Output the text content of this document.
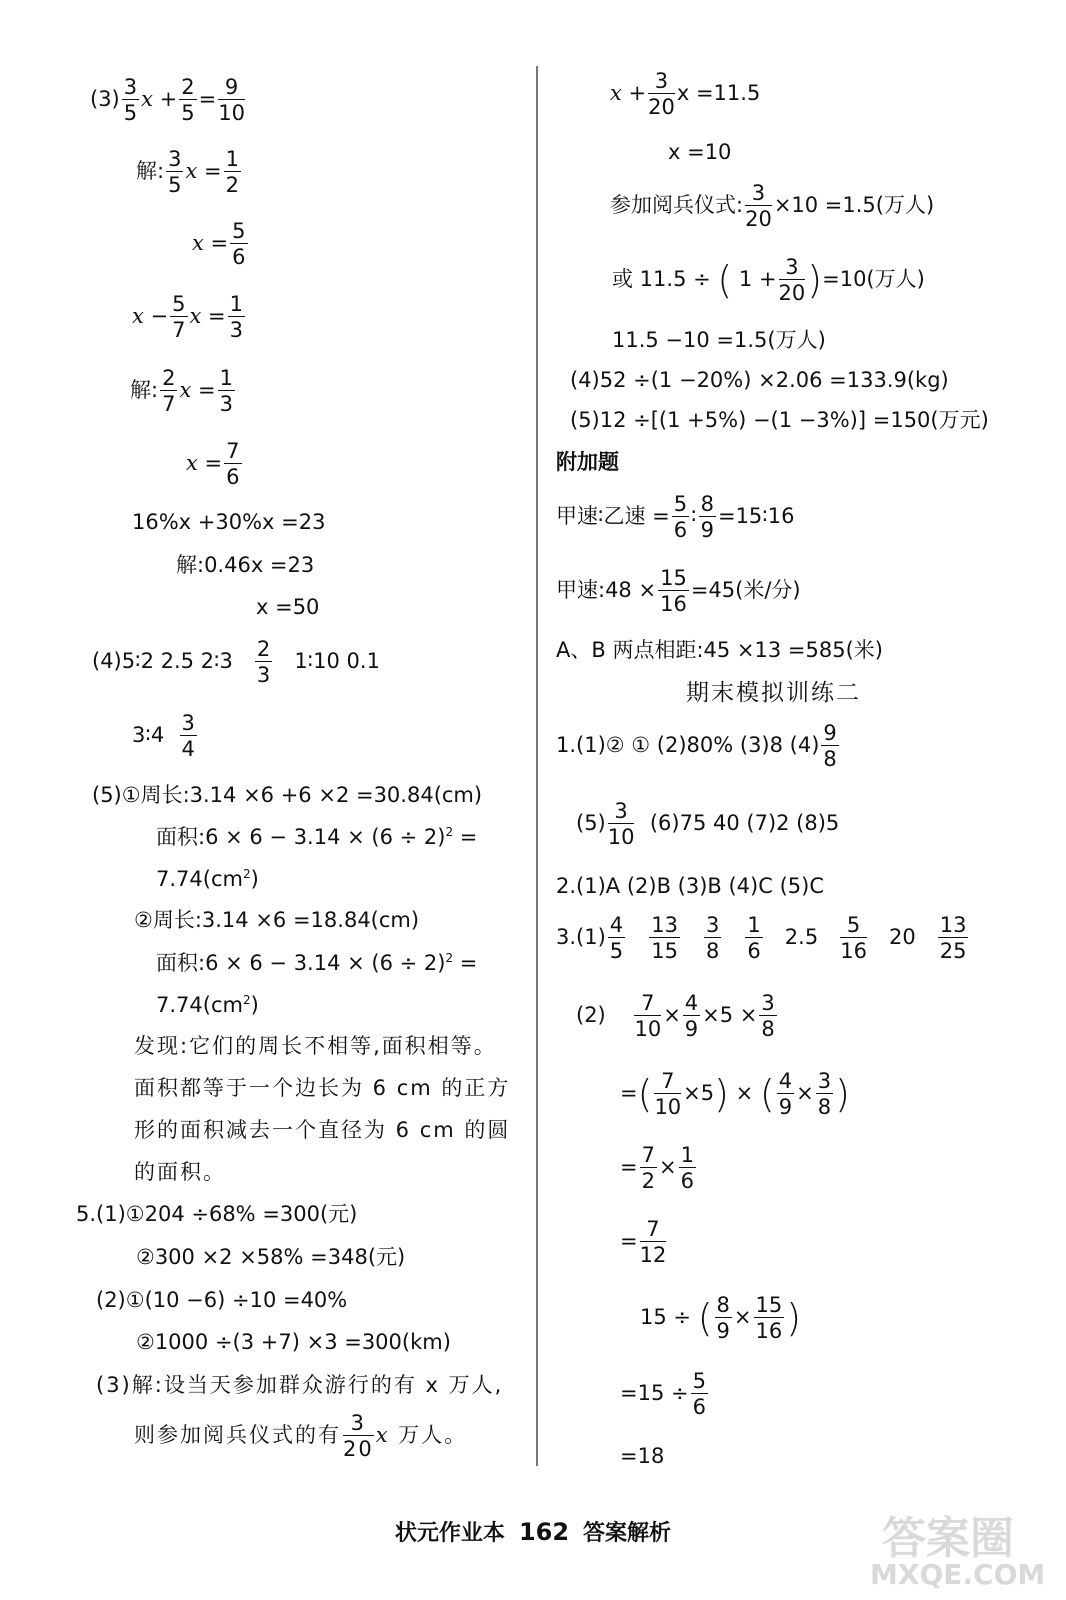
$(3) \frac{3}{5}$ $x + \frac{2}{5} = \frac{9}{10}$
解: $\frac{3}{5}$ $x = \frac{1}{2}$
$x = \frac{5}{6}$
$x - \frac{5}{7}$ $x = \frac{1}{3}$
解: $\frac{2}{7}$ $x = \frac{1}{3}$
$x = \frac{7}{6}$
16%x +30%x =23
解:0.46x =23
x =50
(4)5∶2 2.5 2∶3 $\frac{2}{3}$ 1∶10 0.1
3∶4 $\frac{3}{4}$
(5)①周长:3.14 ×6 +6 ×2 =30.84(cm)
面积:6 × $6 - 3.14 \times (6 \div 2)^2$ =
$7.74(cm^2)$
②周长:3.14 ×6 =18.84(cm)
面积:6 × $6 - 3.14 \times (6 \div 2)^2$ =
$7.74(cm^2)$
发现:它们的周长不相等,面积相等。
面积都等于一个边长为 6 cm 的正方
形的面积减去一个直径为 6 cm 的圆
的面积。
5.(1)①204 ÷68% =300(元)
②300 ×2 ×58% =348(元)
(2)①(10 −6) ÷10 =40%
②1000 ÷(3 +7) ×3 =300(km)
(3)解:设当天参加群众游行的有 x 万人,
则参加阅兵仪式的有 $\frac{3}{20}$ x 万人。
$x + \frac{3}{20}$ x =11.5
x =10
参加阅兵仪式: $\frac{3}{20} \times 10 =1.5$(万人)
或 11.5 ÷ ( $1 + \frac{3}{20} )=10$(万人)
11.5 −10 =1.5(万人)
(4)52 ÷(1 −20%) ×2.06 =133.9(kg)
(5)12 ÷[(1 +5%) −(1 −3%)] =150(万元)
附加题
甲速∶乙速 = $\frac{5}{6}$ ∶ $\frac{8}{9}$ =15∶16
甲速:48 × $\frac{15}{16} =45$(米/分)
A、B 两点相距:45 ×13 =585(米)
期末模拟训练二
1.(1)② ① (2)80% (3)8 $(4) \frac{9}{8}$
$(5) \frac{3}{10} (6)75$ 40 (7)2 (8)5
2.(1)A (2)B (3)B (4)C (5)C
$3.(1) \frac{4}{5}$
$\frac{13}{15}$
$\frac{3}{8}$
$\frac{1}{6} 2.5 \frac{5}{16} 20 \frac{13}{25}$
$(2) \frac{7}{10} \times \frac{4}{9} \times 5 \times \frac{3}{8}$
=( $\frac{7}{10} \times 5$) × ( $\frac{4}{9} \times \frac{3}{8}$ )
= $\frac{7}{2} \times \frac{1}{6}$
= $\frac{7}{12}$
15 ÷ ( $\frac{8}{9} \times \frac{15}{16}$ )
$=15 \div \frac{5}{6}$
=18
状元作业本 162 答案解析	答案圈
MXQE.COM
